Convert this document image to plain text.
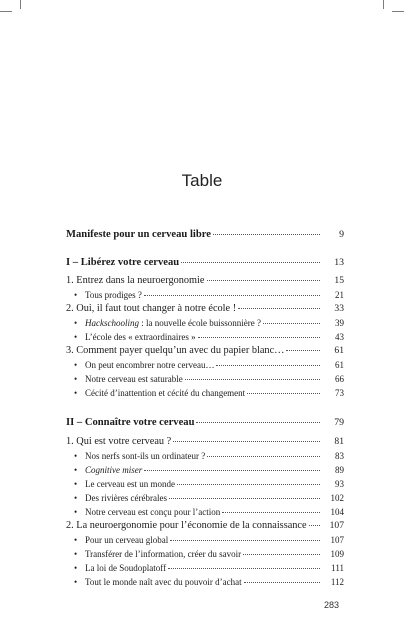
Table
Manifeste pour un cerveau libre	9
I – Libérez votre cerveau	13
1. Entrez dans la neuroergonomie	15
• Tous prodiges ?	21
2. Oui, il faut tout changer à notre école !	33
• Hackschooling : la nouvelle école buissonnière ?	39
• L’école des « extraordinaires »	43
3. Comment payer quelqu’un avec du papier blanc…	61
• On peut encombrer notre cerveau…	61
• Notre cerveau est saturable	66
• Cécité d’inattention et cécité du changement	73
II – Connaître votre cerveau	79
1. Qui est votre cerveau ?	81
• Nos nerfs sont-ils un ordinateur ?	83
• Cognitive miser	89
• Le cerveau est un monde	93
• Des rivières cérébrales	102
• Notre cerveau est conçu pour l’action	104
2. La neuroergonomie pour l’économie de la connaissance	107
• Pour un cerveau global	107
• Transférer de l’information, créer du savoir	109
• La loi de Soudoplatoff	111
• Tout le monde naît avec du pouvoir d’achat	112
283
